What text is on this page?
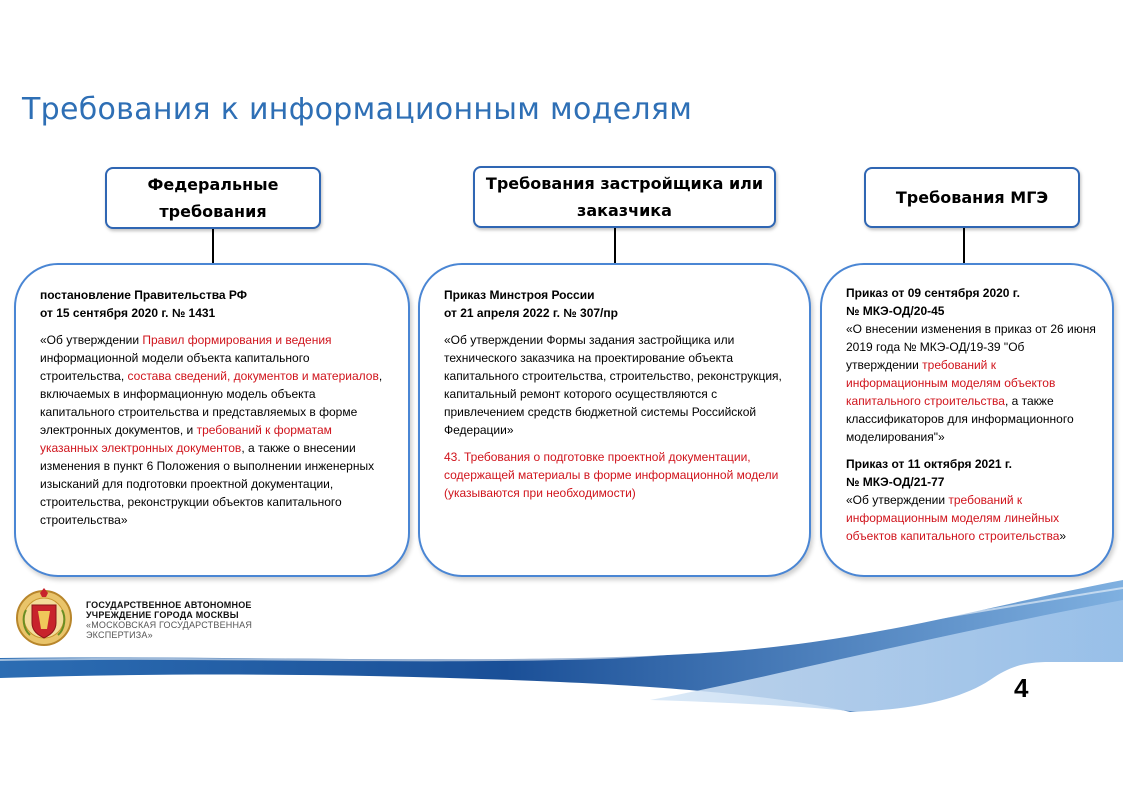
Требования к информационным моделям
Федеральные
требования
Требования застройщика или
заказчика
Требования МГЭ

постановление Правительства РФ

от 15 сентября 2020 г. № 1431

«Об утверждении Правил формирования и ведения информационной модели объекта капитального строительства, состава сведений, документов и материалов, включаемых в информационную модель объекта капитального строительства и представляемых в форме электронных документов, и требований к форматам указанных электронных документов, а также о внесении изменения в пункт 6 Положения о выполнении инженерных изысканий для подготовки проектной документации, строительства, реконструкции объектов капитального строительства»

Приказ Минстроя России

от 21 апреля 2022 г. № 307/пр

«Об утверждении Формы задания застройщика или технического заказчика на проектирование объекта капитального строительства, строительство, реконструкция, капитальный ремонт которого осуществляются с привлечением средств бюджетной системы Российской Федерации»

43. Требования о подготовке проектной документации, содержащей материалы в форме информационной модели (указываются при необходимости)

Приказ от 09 сентября 2020 г.

№ МКЭ-ОД/20-45

«О внесении изменения в приказ от 26 июня 2019 года № МКЭ-ОД/19-39 "Об утверждении требований к информационным моделям объектов капитального строительства, а также классификаторов для информационного моделирования"»

Приказ от 11 октября 2021 г.

№ МКЭ-ОД/21-77

«Об утверждении требований к информационным моделям линейных объектов капитального строительства»

4
ГОСУДАРСТВЕННОЕ АВТОНОМНОЕ
УЧРЕЖДЕНИЕ ГОРОДА МОСКВЫ
«МОСКОВСКАЯ ГОСУДАРСТВЕННАЯ
ЭКСПЕРТИЗА»
